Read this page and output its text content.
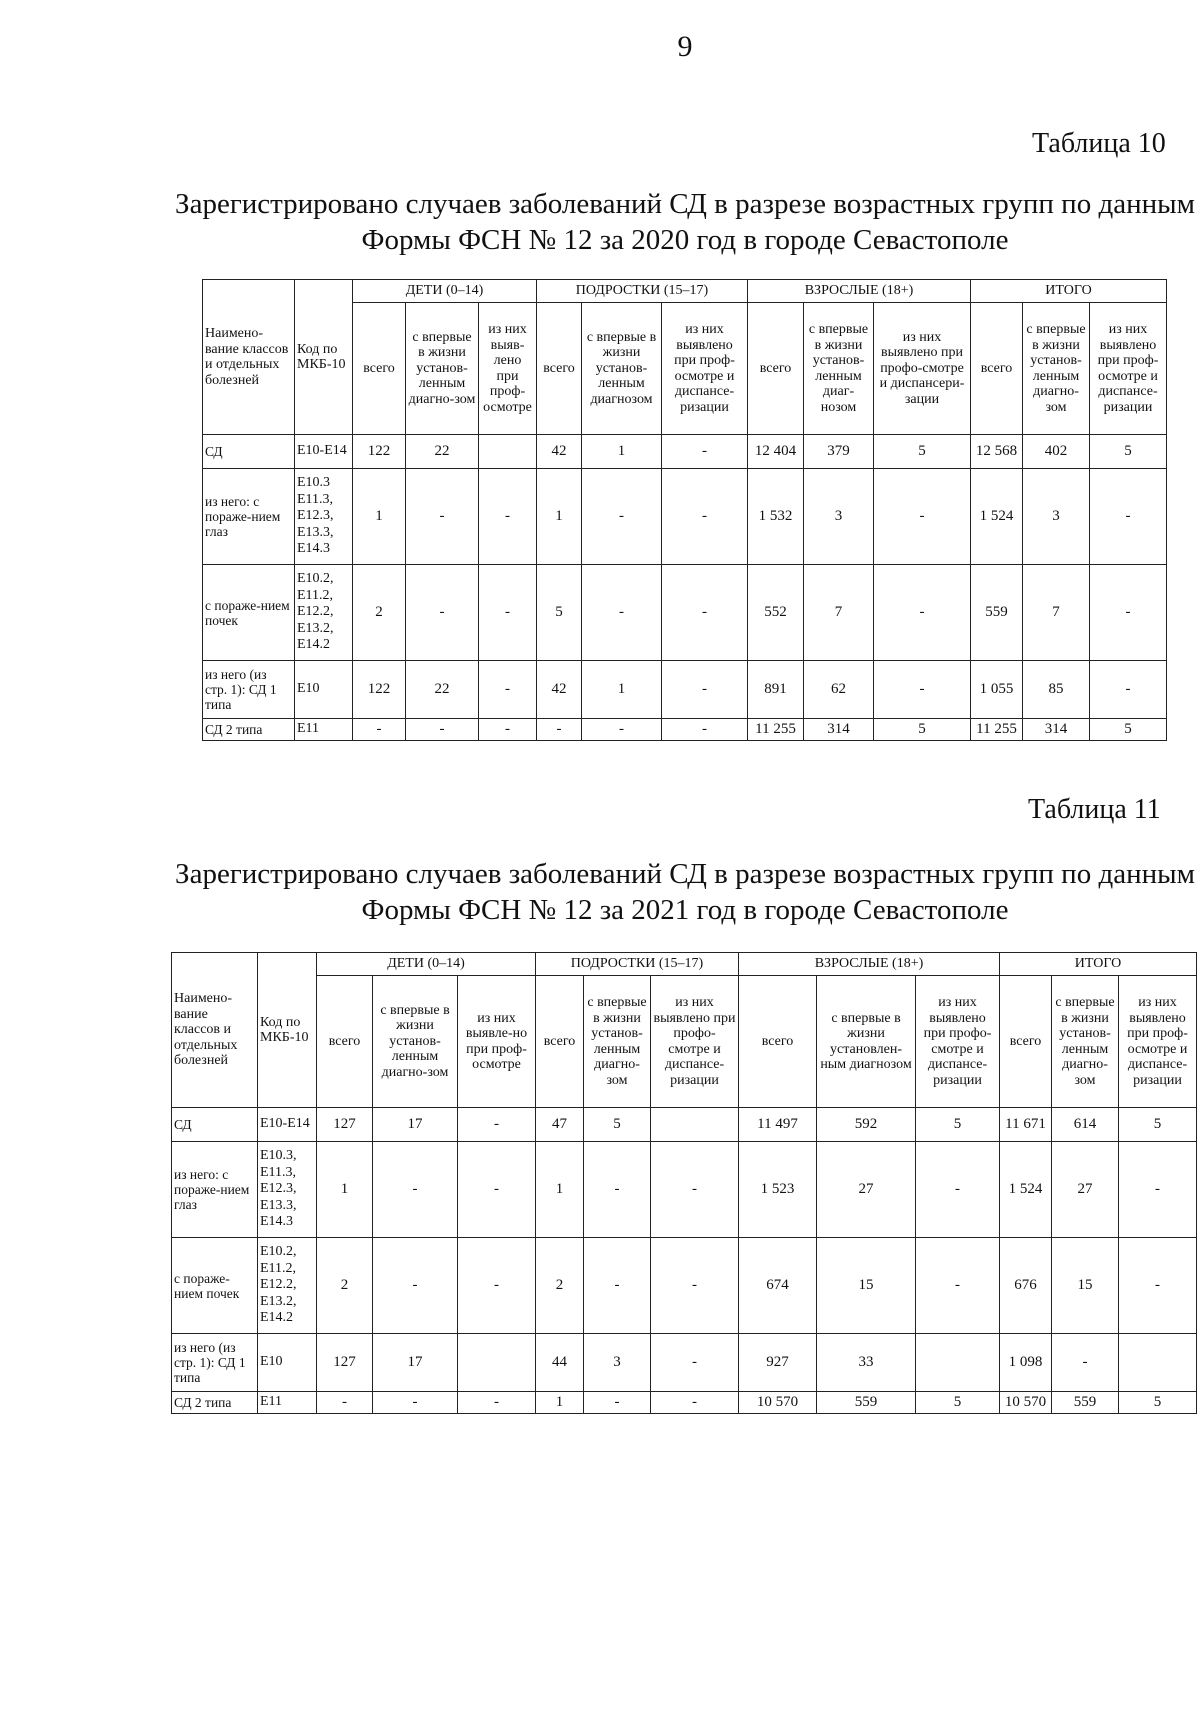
9
Таблица 10
Зарегистрировано случаев заболеваний СД в разрезе возрастных групп по данным Формы ФСН № 12 за 2020 год в городе Севастополе
Наимено-вание классов и отдельных болезней	Код по МКБ-10	ДЕТИ (0–14)			ПОДРОСТКИ (15–17)			ВЗРОСЛЫЕ (18+)			ИТОГО		
		всего	с впервые в жизни установ-ленным диагно-зом	из них выяв-лено при проф-осмотре	всего	с впервые в жизни установ-ленным диагнозом	из них выявлено при проф-осмотре и диспансе-ризации	всего	с впервые в жизни установ-ленным диаг-нозом	из них выявлено при профо-смотре и диспансери-зации	всего	с впервые в жизни установ-ленным диагно-зом	из них выявлено при проф-осмотре и диспансе-ризации
СД	Е10-Е14	122	22		42	1	-	12 404	379	5	12 568	402	5
из него: с пораже-нием глаз	Е10.3 Е11.3, Е12.3, Е13.3, Е14.3	1	-	-	1	-	-	1 532	3	-	1 524	3	-
с пораже-нием почек	Е10.2, Е11.2, Е12.2, Е13.2, Е14.2	2	-	-	5	-	-	552	7	-	559	7	-
из него (из стр. 1): СД 1 типа	Е10	122	22	-	42	1	-	891	62	-	1 055	85	-
СД 2 типа	Е11	-	-	-	-	-	-	11 255	314	5	11 255	314	5
Таблица 11
Зарегистрировано случаев заболеваний СД в разрезе возрастных групп по данным Формы ФСН № 12 за 2021 год в городе Севастополе
Наимено-вание классов и отдельных болезней	Код по МКБ-10	ДЕТИ (0–14)			ПОДРОСТКИ (15–17)			ВЗРОСЛЫЕ (18+)			ИТОГО		
		всего	с впервые в жизни установ-ленным диагно-зом	из них выявле-но при проф-осмотре	всего	с впервые в жизни установ-ленным диагно-зом	из них выявлено при профо-смотре и диспансе-ризации	всего	с впервые в жизни установлен-ным диагнозом	из них выявлено при профо-смотре и диспансе-ризации	всего	с впервые в жизни установ-ленным диагно-зом	из них выявлено при проф-осмотре и диспансе-ризации
СД	Е10-Е14	127	17	-	47	5		11 497	592	5	11 671	614	5
из него: с пораже-нием глаз	Е10.3, Е11.3, Е12.3, Е13.3, Е14.3	1	-	-	1	-	-	1 523	27	-	1 524	27	-
с пораже-нием почек	Е10.2, Е11.2, Е12.2, Е13.2, Е14.2	2	-	-	2	-	-	674	15	-	676	15	-
из него (из стр. 1): СД 1 типа	Е10	127	17		44	3	-	927	33		1 098	-	
СД 2 типа	Е11	-	-	-	1	-	-	10 570	559	5	10 570	559	5
